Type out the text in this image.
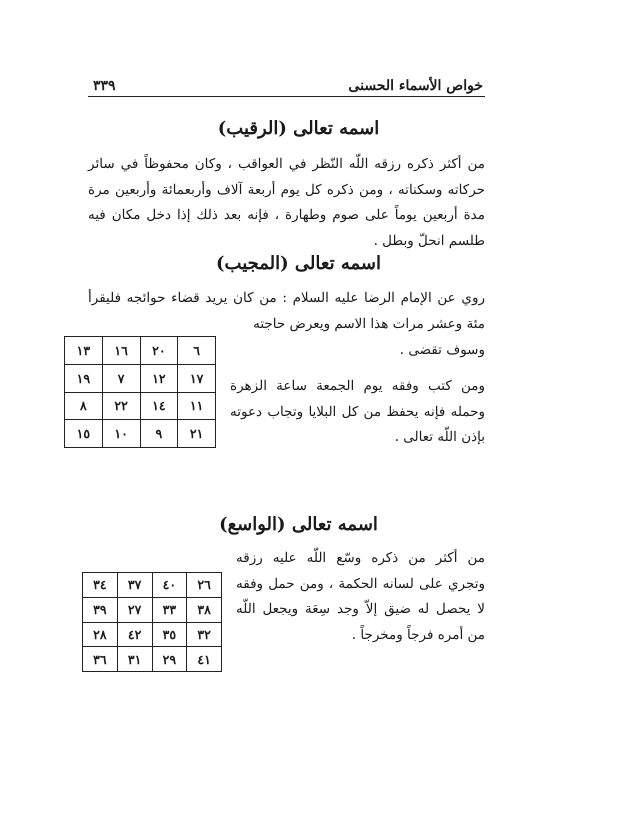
خواص الأسماء الحسنى
٣٣٩
اسمه تعالى (الرقيب)
من أكثر ذكره رزقه اللّه النّظر في العواقب ، وكان محفوظاً في سائر حركاته وسكناته ، ومن ذكره كل يوم أربعة آلاف وأربعمائة وأربعين مرة مدة أربعين يوماً على صوم وطهارة ، فإنه بعد ذلك إذا دخل مكان فيه طلسم انحلّ وبطل .
اسمه تعالى (المجيب)
روي عن الإمام الرضا عليه السلام : من كان يريد قضاء حوائجه فليقرأ
مئة وعشر مرات هذا الاسم ويعرض حاجته وسوف تقضى .
٦	٢٠	١٦	١٣
١٧	١٢	٧	١٩
١١	١٤	٢٢	٨
٢١	٩	١٠	١٥
ومن كتب وفقه يوم الجمعة ساعة الزهرة وحمله فإنه يحفظ من كل البلايا وتجاب دعوته بإذن اللّه تعالى .
اسمه تعالى (الواسع)
من أكثر من ذكره وسّع اللّه عليه رزقه وتجري على لسانه الحكمة ، ومن حمل وفقه لا يحصل له ضيق إلاّ وجد سِعَة ويجعل اللّه من أمره فرجاً ومخرجاً .
٢٦	٤٠	٣٧	٣٤
٣٨	٣٣	٢٧	٣٩
٣٢	٣٥	٤٢	٢٨
٤١	٢٩	٣١	٣٦
